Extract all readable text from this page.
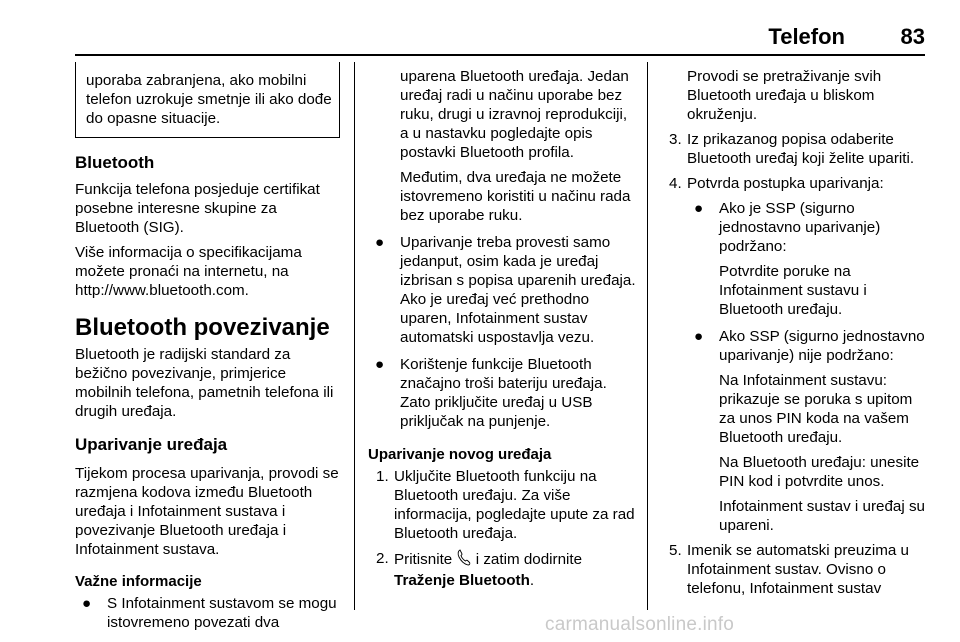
Telefon	83

uporaba zabranjena, ako mobilni telefon uzrokuje smetnje ili ako dođe do opasne situacije.

Bluetooth

Funkcija telefona posjeduje certifikat posebne interesne skupine za Bluetooth (SIG).

Više informacija o specifikacijama možete pronaći na internetu, na http://www.bluetooth.com.

Bluetooth povezivanje

Bluetooth je radijski standard za bežično povezivanje, primjerice mobilnih telefona, pametnih telefona ili drugih uređaja.

Uparivanje uređaja

Tijekom procesa uparivanja, provodi se razmjena kodova između Bluetooth uređaja i Infotainment sustava i povezivanje Bluetooth uređaja i Infotainment sustava.

Važne informacije

● S Infotainment sustavom se mogu istovremeno povezati dva

uparena Bluetooth uređaja. Jedan uređaj radi u načinu uporabe bez ruku, drugi u izravnoj reprodukciji, a u nastavku pogledajte opis postavki Bluetooth profila.

Međutim, dva uređaja ne možete istovremeno koristiti u načinu rada bez uporabe ruku.

● Uparivanje treba provesti samo jedanput, osim kada je uređaj izbrisan s popisa uparenih uređaja. Ako je uređaj već prethodno uparen, Infotainment sustav automatski uspostavlja vezu.

● Korištenje funkcije Bluetooth značajno troši bateriju uređaja. Zato priključite uređaj u USB priključak na punjenje.

Uparivanje novog uređaja

1. Uključite Bluetooth funkciju na Bluetooth uređaju. Za više informacija, pogledajte upute za rad Bluetooth uređaja.

2. Pritisnite i zatim dodirnite
Traženje Bluetooth.

Provodi se pretraživanje svih Bluetooth uređaja u bliskom okruženju.

3. Iz prikazanog popisa odaberite Bluetooth uređaj koji želite upariti.

4. Potvrda postupka uparivanja:

● Ako je SSP (sigurno jednostavno uparivanje) podržano:

Potvrdite poruke na Infotainment sustavu i Bluetooth uređaju.

● Ako SSP (sigurno jednostavno uparivanje) nije podržano:

Na Infotainment sustavu: prikazuje se poruka s upitom za unos PIN koda na vašem Bluetooth uređaju.

Na Bluetooth uređaju: unesite PIN kod i potvrdite unos.

Infotainment sustav i uređaj su upareni.

5. Imenik se automatski preuzima u Infotainment sustav. Ovisno o telefonu, Infotainment sustav

carmanualsonline.info
